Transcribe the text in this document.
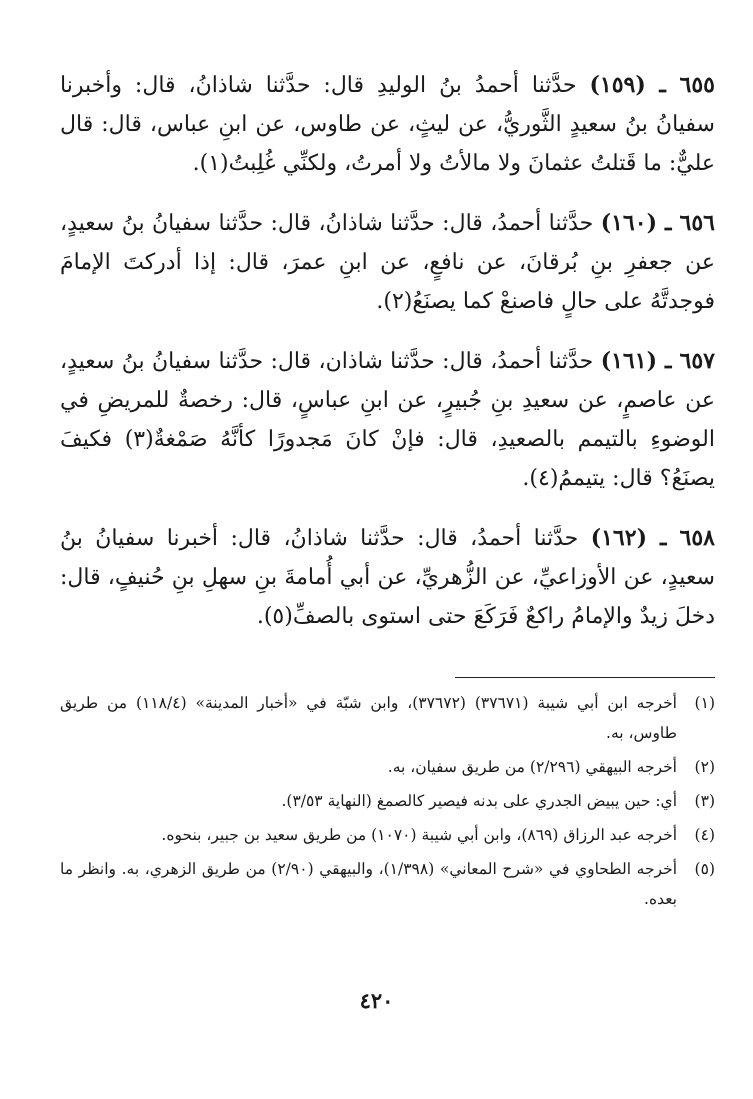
٦٥٥ ـ (١٥٩) حدَّثنا أحمدُ بنُ الوليدِ قال: حدَّثنا شاذانُ، قال: وأخبرنا سفيانُ بنُ سعيدٍ الثَّوريُّ، عن ليثٍ، عن طاوس، عن ابنِ عباس، قال: قال عليٌّ: ما قَتلتُ عثمانَ ولا مالأتُ ولا أمرتُ، ولكنِّي غُلِبتُ(١).

٦٥٦ ـ (١٦٠) حدَّثنا أحمدُ، قال: حدَّثنا شاذانُ، قال: حدَّثنا سفيانُ بنُ سعيدٍ، عن جعفرِ بنِ بُرقانَ، عن نافعٍ، عن ابنِ عمرَ، قال: إذا أدركتَ الإمامَ فوجدتَّهُ على حالٍ فاصنعْ كما يصنَعُ(٢).

٦٥٧ ـ (١٦١) حدَّثنا أحمدُ، قال: حدَّثنا شاذان، قال: حدَّثنا سفيانُ بنُ سعيدٍ، عن عاصمٍ، عن سعيدِ بنِ جُبيرٍ، عن ابنِ عباسٍ، قال: رخصةٌ للمريضِ في الوضوءِ بالتيمم بالصعيدِ، قال: فإنْ كانَ مَجدورًا كأنَّهُ صَمْغةٌ(٣) فكيفَ يصنَعُ؟ قال: يتيممُ(٤).

٦٥٨ ـ (١٦٢) حدَّثنا أحمدُ، قال: حدَّثنا شاذانُ، قال: أخبرنا سفيانُ بنُ سعيدٍ، عن الأوزاعيِّ، عن الزُّهريِّ، عن أبي أُمامةَ بنِ سهلِ بنِ حُنيفٍ، قال: دخلَ زيدٌ والإمامُ راكعٌ فَرَكَعَ حتى استوى بالصفِّ(٥).

(١)
أخرجه ابن أبي شيبة (٣٧٦٧١) (٣٧٦٧٢)، وابن شبّة في «أخبار المدينة» (١١٨/٤) من طريق طاوس، به.
(٢)
أخرجه البيهقي (٢/٢٩٦) من طريق سفيان، به.
(٣)
أي: حين يبيض الجدري على بدنه فيصير كالصمغ (النهاية ٣/٥٣).
(٤)
أخرجه عبد الرزاق (٨٦٩)، وابن أبي شيبة (١٠٧٠) من طريق سعيد بن جبير، بنحوه.
(٥)
أخرجه الطحاوي في «شرح المعاني» (١/٣٩٨)، والبيهقي (٢/٩٠) من طريق الزهري، به. وانظر ما بعده.
٤٢٠
